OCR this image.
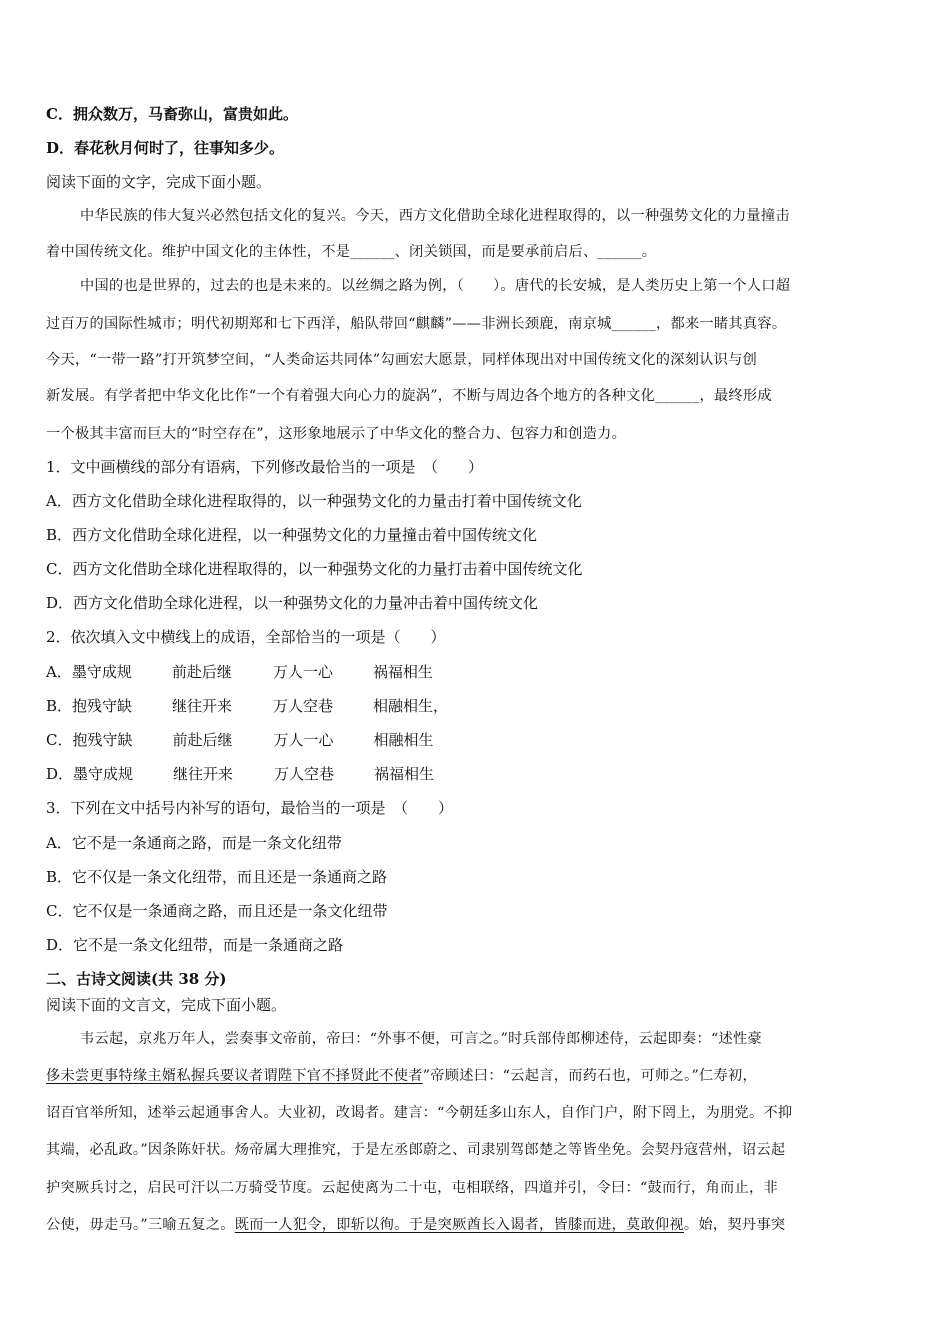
C．拥众数万，马畜弥山，富贵如此。
D．春花秋月何时了，往事知多少。
阅读下面的文字，完成下面小题。
中华民族的伟大复兴必然包括文化的复兴。今天，西方文化借助全球化进程取得的，以一种强势文化的力量撞击
着中国传统文化。维护中国文化的主体性，不是______、闭关锁国，而是要承前启后、______。
中国的也是世界的，过去的也是未来的。以丝绸之路为例，（　　）。唐代的长安城，是人类历史上第一个人口超
过百万的国际性城市；明代初期郑和七下西洋，船队带回“麒麟”——非洲长颈鹿，南京城______，都来一睹其真容。
今天，“一带一路”打开筑梦空间，“人类命运共同体”勾画宏大愿景，同样体现出对中国传统文化的深刻认识与创
新发展。有学者把中华文化比作“一个有着强大向心力的旋涡”，不断与周边各个地方的各种文化______，最终形成
一个极其丰富而巨大的“时空存在”，这形象地展示了中华文化的整合力、包容力和创造力。
1．文中画横线的部分有语病，下列修改最恰当的一项是　（　　）
A．西方文化借助全球化进程取得的，以一种强势文化的力量击打着中国传统文化
B．西方文化借助全球化进程，以一种强势文化的力量撞击着中国传统文化
C．西方文化借助全球化进程取得的，以一种强势文化的力量打击着中国传统文化
D．西方文化借助全球化进程，以一种强势文化的力量冲击着中国传统文化
2．依次填入文中横线上的成语，全部恰当的一项是（　　）
A．墨守成规	前赴后继	万人一心	祸福相生
B．抱残守缺	继往开来	万人空巷	相融相生，
C．抱残守缺	前赴后继	万人一心	相融相生
D．墨守成规	继往开来	万人空巷	祸福相生
3．下列在文中括号内补写的语句，最恰当的一项是　（　　）
A．它不是一条通商之路，而是一条文化纽带
B．它不仅是一条文化纽带，而且还是一条通商之路
C．它不仅是一条通商之路，而且还是一条文化纽带
D．它不是一条文化纽带，而是一条通商之路
二、古诗文阅读(共 38 分)
阅读下面的文言文，完成下面小题。
韦云起，京兆万年人，尝奏事文帝前，帝曰：“外事不便，可言之。”时兵部侍郎柳述侍，云起即奏：“述性豪
侈未尝更事特缘主婿私握兵要议者谓陛下官不择贤此不使者”帝顾述曰：“云起言，而药石也，可师之。”仁寿初，
诏百官举所知，述举云起通事舍人。大业初，改谒者。建言：“今朝廷多山东人，自作门户，附下罔上，为朋党。不抑
其端，必乱政。”因条陈奸状。炀帝属大理推究，于是左丞郎蔚之、司隶别驾郎楚之等皆坐免。会契丹寇营州，诏云起
护突厥兵讨之，启民可汗以二万骑受节度。云起使离为二十屯，屯相联络，四道并引，令曰：“鼓而行，角而止，非
公使，毋走马。”三喻五复之。既而一人犯令，即斩以徇。于是突厥酋长入谒者，皆膝而进，莫敢仰视。始，契丹事突
